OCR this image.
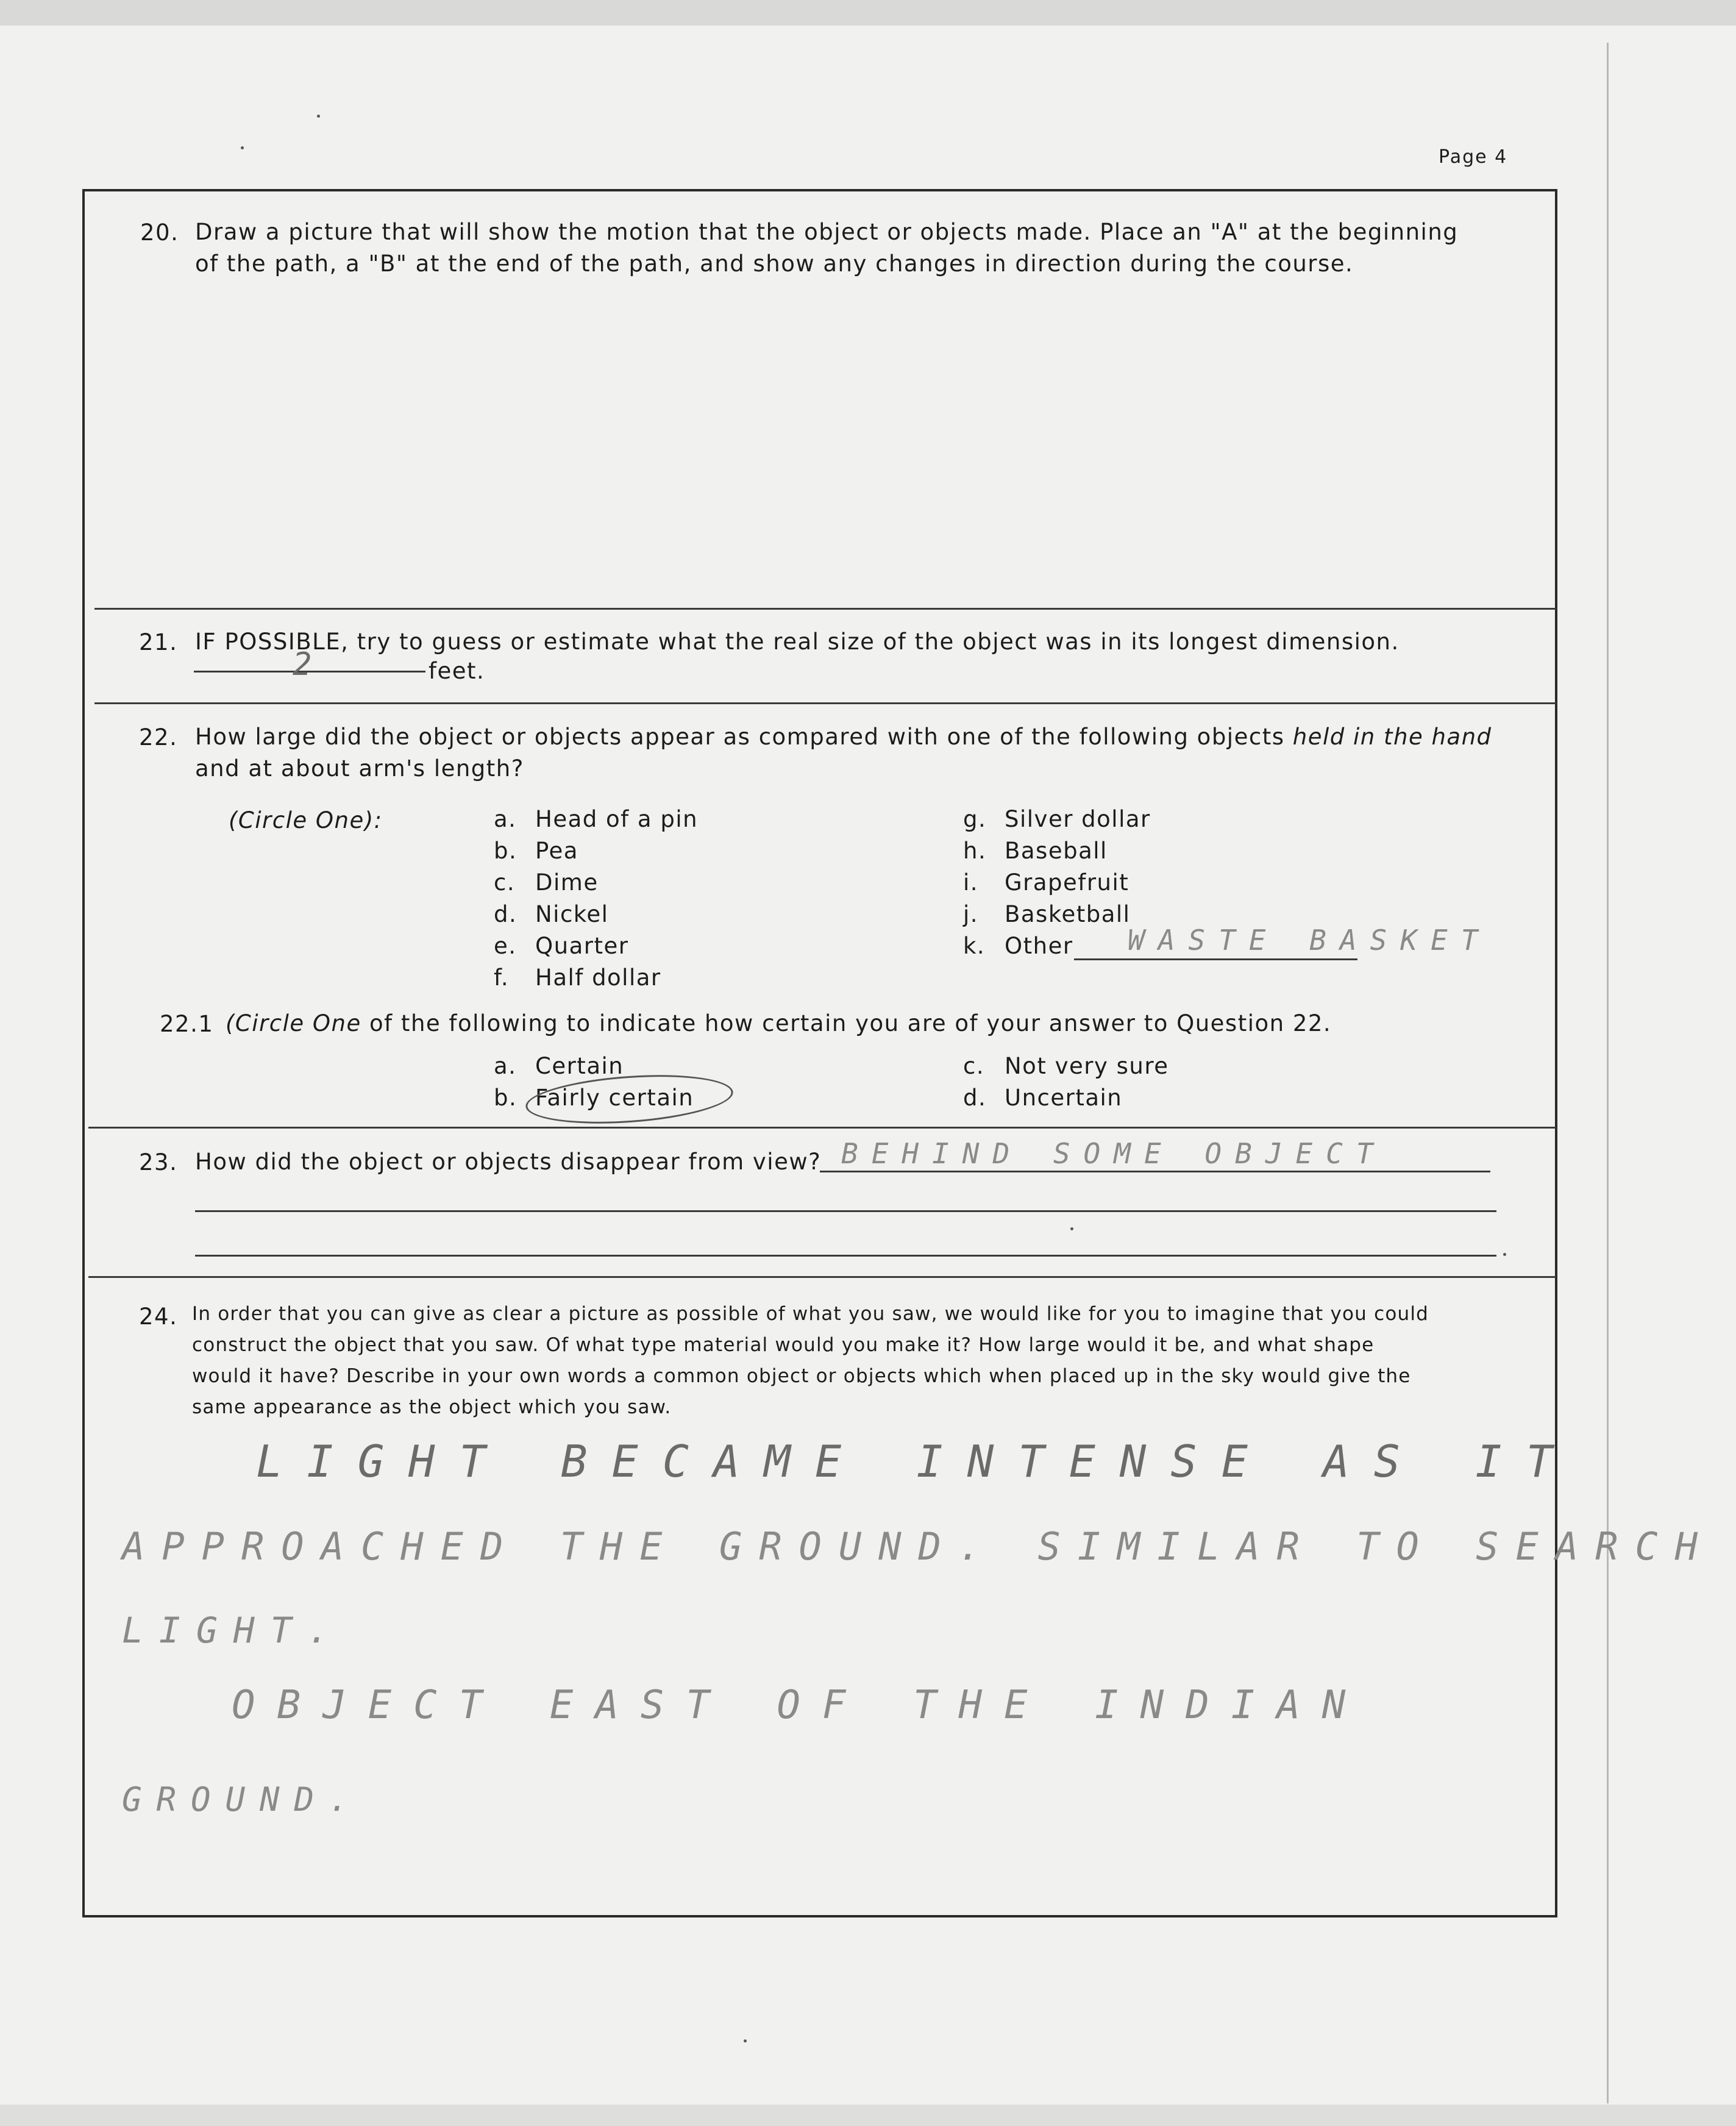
Page 4
20. Draw a picture that will show the motion that the object or objects made. Place an "A" at the beginning
of the path, a "B" at the end of the path, and show any changes in direction during the course.
21. IF POSSIBLE, try to guess or estimate what the real size of the object was in its longest dimension.
2	feet.
22. How large did the object or objects appear as compared with one of the following objects held in the hand
and at about arm's length?
(Circle One):	a. Head of a pin
b. Pea
c. Dime
d. Nickel
e. Quarter
f. Half dollar
g. Silver dollar
h. Baseball
i. Grapefruit
j. Basketball
k. Other WASTE BASKET
22.1 (Circle One of the following to indicate how certain you are of your answer to Question 22.
a. Certain
b. Fairly certain
c. Not very sure
d. Uncertain
23. How did the object or objects disappear from view? BEHIND SOME OBJECT
24. In order that you can give as clear a picture as possible of what you saw, we would like for you to imagine that you could
construct the object that you saw. Of what type material would you make it? How large would it be, and what shape
would it have? Describe in your own words a common object or objects which when placed up in the sky would give the
same appearance as the object which you saw.
LIGHT BECAME INTENSE AS IT
APPROACHED THE GROUND. SIMILAR TO SEARCH
LIGHT.
OBJECT EAST OF THE INDIAN
GROUND.
